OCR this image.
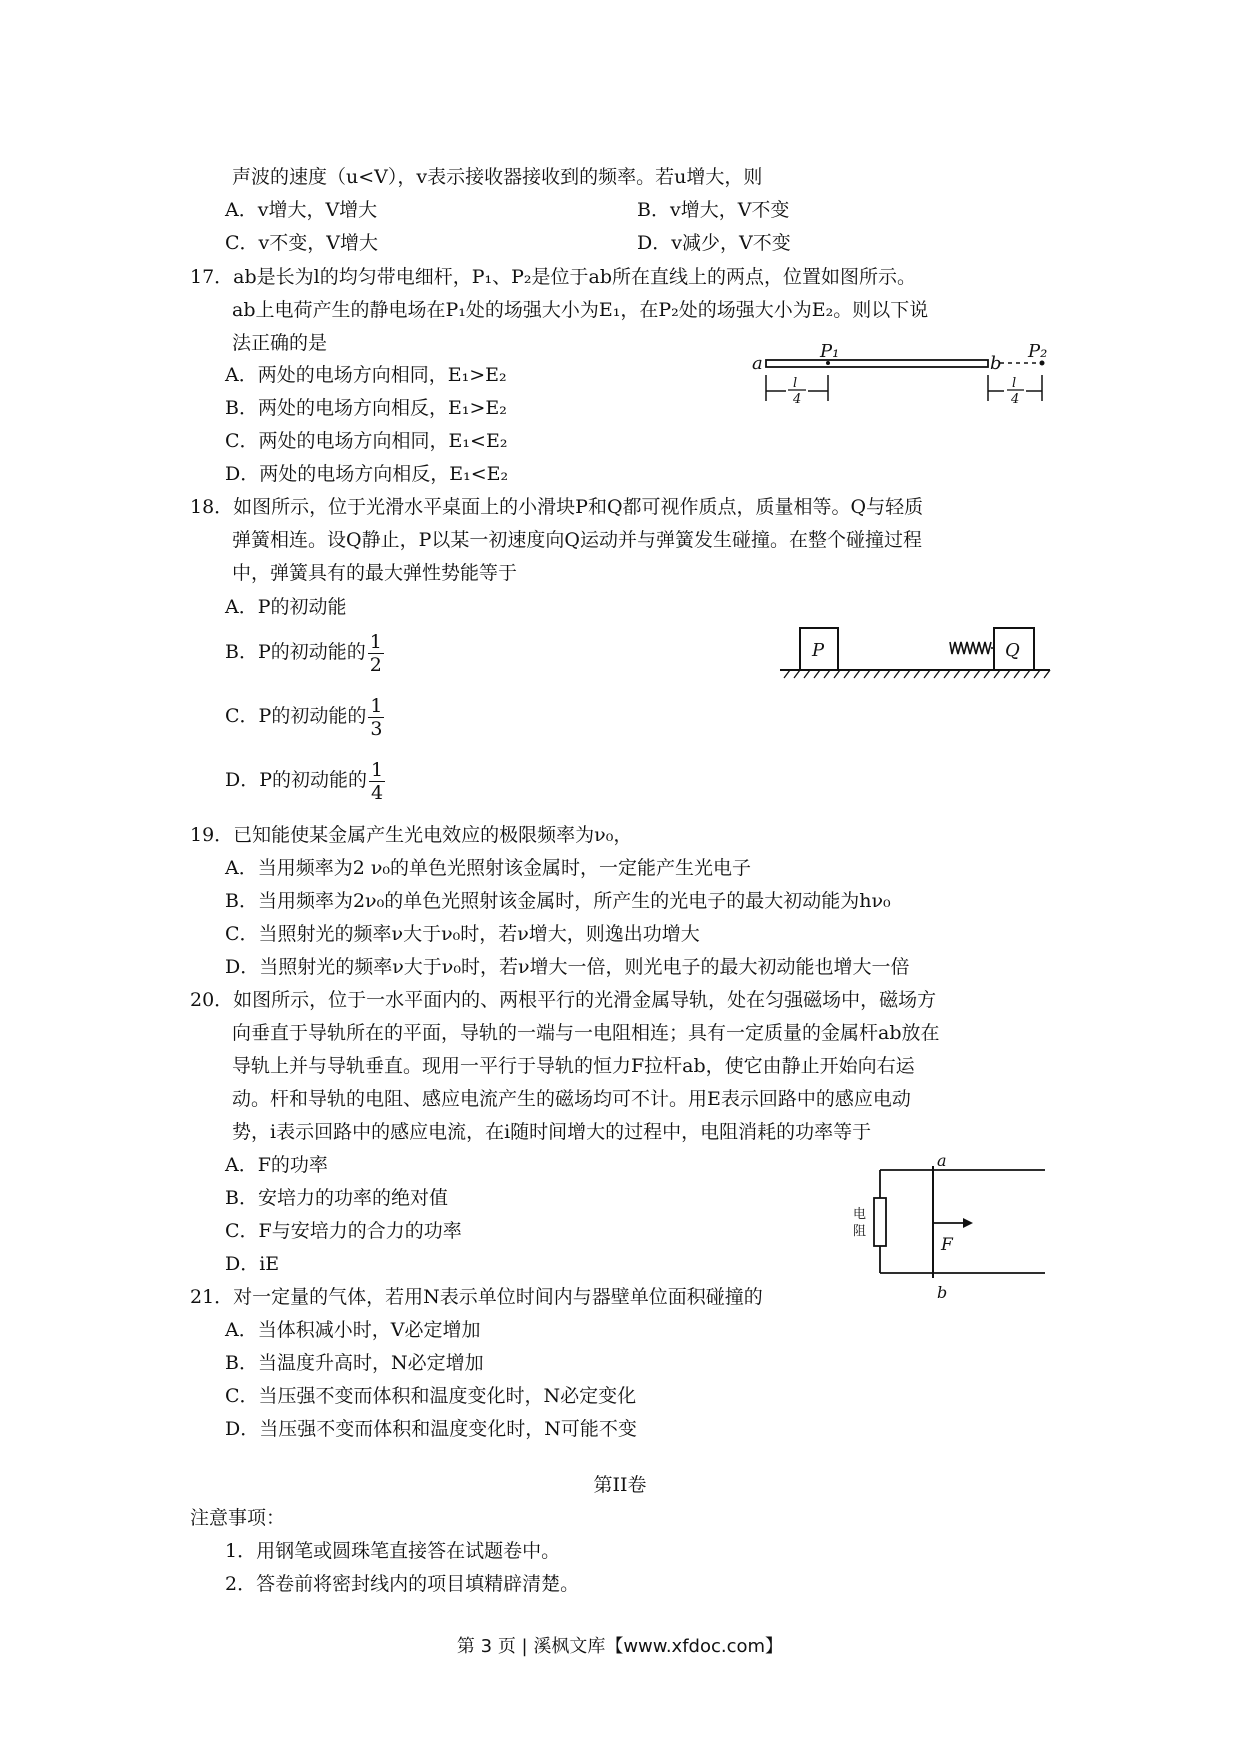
声波的速度（u<V），v表示接收器接收到的频率。若u增大，则
A．v增大，V增大	B．v增大，V不变
C．v不变，V增大	D．v减少，V不变
17．ab是长为l的均匀带电细杆，P₁、P₂是位于ab所在直线上的两点，位置如图所示。
ab上电荷产生的静电场在P₁处的场强大小为E₁，在P₂处的场强大小为E₂。则以下说
法正确的是
A．两处的电场方向相同，E₁>E₂
B．两处的电场方向相反，E₁>E₂
C．两处的电场方向相同，E₁<E₂
D．两处的电场方向相反，E₁<E₂
a
P₁
b
P₂
l
4
l
4
18．如图所示，位于光滑水平桌面上的小滑块P和Q都可视作质点，质量相等。Q与轻质
弹簧相连。设Q静止，P以某一初速度向Q运动并与弹簧发生碰撞。在整个碰撞过程
中，弹簧具有的最大弹性势能等于
A．P的初动能
B．P的初动能的 $\frac{1}{2}$
C．P的初动能的 $\frac{1}{3}$
D．P的初动能的 $\frac{1}{4}$
P	Q
19．已知能使某金属产生光电效应的极限频率为ν₀，
A．当用频率为2 ν₀的单色光照射该金属时，一定能产生光电子
B．当用频率为2ν₀的单色光照射该金属时，所产生的光电子的最大初动能为hν₀
C．当照射光的频率ν大于ν₀时，若ν增大，则逸出功增大
D．当照射光的频率ν大于ν₀时，若ν增大一倍，则光电子的最大初动能也增大一倍
20．如图所示，位于一水平面内的、两根平行的光滑金属导轨，处在匀强磁场中，磁场方
向垂直于导轨所在的平面，导轨的一端与一电阻相连；具有一定质量的金属杆ab放在
导轨上并与导轨垂直。现用一平行于导轨的恒力F拉杆ab，使它由静止开始向右运
动。杆和导轨的电阻、感应电流产生的磁场均可不计。用E表示回路中的感应电动
势，i表示回路中的感应电流，在i随时间增大的过程中，电阻消耗的功率等于
A．F的功率
B．安培力的功率的绝对值
C．F与安培力的合力的功率
D．iE
电
阻
a
b
F
21．对一定量的气体，若用N表示单位时间内与器壁单位面积碰撞的
A．当体积减小时，V必定增加
B．当温度升高时，N必定增加
C．当压强不变而体积和温度变化时，N必定变化
D．当压强不变而体积和温度变化时，N可能不变
第II卷
注意事项：
1．用钢笔或圆珠笔直接答在试题卷中。
2．答卷前将密封线内的项目填精辟清楚。
第 3 页 | 溪枫文库【www.xfdoc.com】
